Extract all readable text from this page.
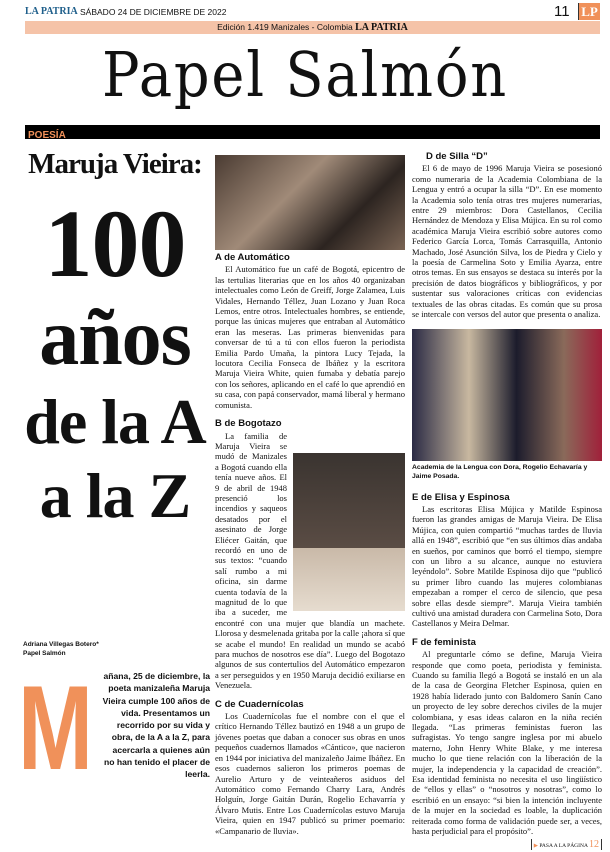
LA PATRIA SÁBADO 24 DE DICIEMBRE DE 2022	11 LP
Edición 1.419 Manizales - Colombia LA PATRIA
Papel Salmón
POESÍA
Maruja Vieira:
100
años
de la A
a la Z
Adriana Villegas Botero*
Papel Salmón
M añana, 25 de diciembre, la poeta manizaleña Maruja Vieira cumple 100 años de vida. Presentamos un recorrido por su vida y obra, de la A a la Z, para acercarla a quienes aún no han tenido el placer de leerla.
A de Automático

El Automático fue un café de Bogotá, epicentro de las tertulias literarias que en los años 40 organizaban intelectuales como León de Greiff, Jorge Zalamea, Luis Vidales, Hernando Téllez, Juan Lozano y Juan Roca Lemos, entre otros. Intelectuales hombres, se entiende, porque las únicas mujeres que entraban al Automático eran las meseras. Las primeras bienvenidas para conversar de tú a tú con ellos fueron la periodista Emilia Pardo Umaña, la pintora Lucy Tejada, la locutora Cecilia Fonseca de Ibáñez y la escritora Maruja Vieira White, quien fumaba y debatía parejo con los señores, aplicando en el café lo que aprendió en su casa, con papá conservador, mamá liberal y hermano comunista.

B de Bogotazo

La familia de Maruja Vieira se mudó de Manizales a Bogotá cuando ella tenía nueve años. El 9 de abril de 1948 presenció los incendios y saqueos desatados por el asesinato de Jorge Eliécer Gaitán, que recordó en uno de sus textos: “cuando salí rumbo a mi oficina, sin darme cuenta todavía de la magnitud de lo que iba a suceder, me encontré con una mujer que blandía un machete. Llorosa y desmelenada gritaba por la calle ¡ahora sí que se acabe el mundo! En realidad un mundo se acabó para muchos de nosotros ese día”. Luego del Bogotazo algunos de sus contertulios del Automático empezaron a ser perseguidos y en 1950 Maruja decidió exiliarse en Venezuela.

C de Cuadernícolas

Los Cuadernícolas fue el nombre con el que el crítico Hernando Téllez bautizó en 1948 a un grupo de jóvenes poetas que daban a conocer sus obras en unos pequeños cuadernos llamados «Cántico», que nacieron en 1944 por iniciativa del manizaleño Jaime Ibáñez. En esos cuadernos salieron los primeros poemas de Aurelio Arturo y de veinteañeros asiduos del Automático como Fernando Charry Lara, Andrés Holguín, Jorge Gaitán Durán, Rogelio Echavarría y Álvaro Mutis. Entre Los Cuadernícolas estuvo Maruja Vieira, quien en 1947 publicó su primer poemario: «Campanario de lluvia».

D de Silla “D”

El 6 de mayo de 1996 Maruja Vieira se posesionó como numeraria de la Academia Colombiana de la Lengua y entró a ocupar la silla “D”. En ese momento la Academia solo tenía otras tres mujeres numerarias, entre 29 miembros: Dora Castellanos, Cecilia Hernández de Mendoza y Elisa Mújica. En su rol como académica Maruja Vieira escribió sobre autores como Federico García Lorca, Tomás Carrasquilla, Antonio Machado, José Asunción Silva, los de Piedra y Cielo y la poesía de Carmelina Soto y Emilia Ayarza, entre otros temas. En sus ensayos se destaca su interés por la precisión de datos biográficos y bibliográficos, y por sustentar sus valoraciones críticas con evidencias textuales de las obras citadas. Es común que su prosa se intercale con versos del autor que presenta o analiza.

Academia de la Lengua con Dora, Rogelio Echavaría y Jaime Posada.
E de Elisa y Espinosa

Las escritoras Elisa Mújica y Matilde Espinosa fueron las grandes amigas de Maruja Vieira. De Elisa Mújica, con quien compartió “muchas tardes de lluvia allá en 1948”, escribió que “en sus últimos días andaba en sueños, por caminos que borró el tiempo, siempre con un libro a su alcance, aunque no estuviera leyéndolo”. Sobre Matilde Espinosa dijo que “publicó su primer libro cuando las mujeres colombianas empezaban a romper el cerco de silencio, que pesa sobre ellas desde siempre”. Maruja Vieira también cultivó una amistad duradera con Carmelina Soto, Dora Castellanos y Meira Delmar.

F de feminista

Al preguntarle cómo se define, Maruja Vieira responde que como poeta, periodista y feminista. Cuando su familia llegó a Bogotá se instaló en un ala de la casa de Georgina Fletcher Espinosa, quien en 1928 había liderado junto con Baldomero Sanín Cano un proyecto de ley sobre derechos civiles de la mujer colombiana, y esas ideas calaron en la niña recién llegada. “Las primeras feministas fueron las sufragistas. Yo tengo sangre inglesa por mi abuelo materno, John Henry White Blake, y me interesa mucho lo que tiene relación con la liberación de la mujer, la independencia y la capacidad de creación”. Esa identidad feminista no necesita el uso lingüístico de “ellos y ellas” o “nosotros y nosotras”, como lo escribió en un ensayo: “si bien la intención incluyente de la mujer en la sociedad es loable, la duplicación reiterada como forma de validación puede ser, a veces, hasta perjudicial para el propósito”.

▶ PASA A LA PÁGINA 12
